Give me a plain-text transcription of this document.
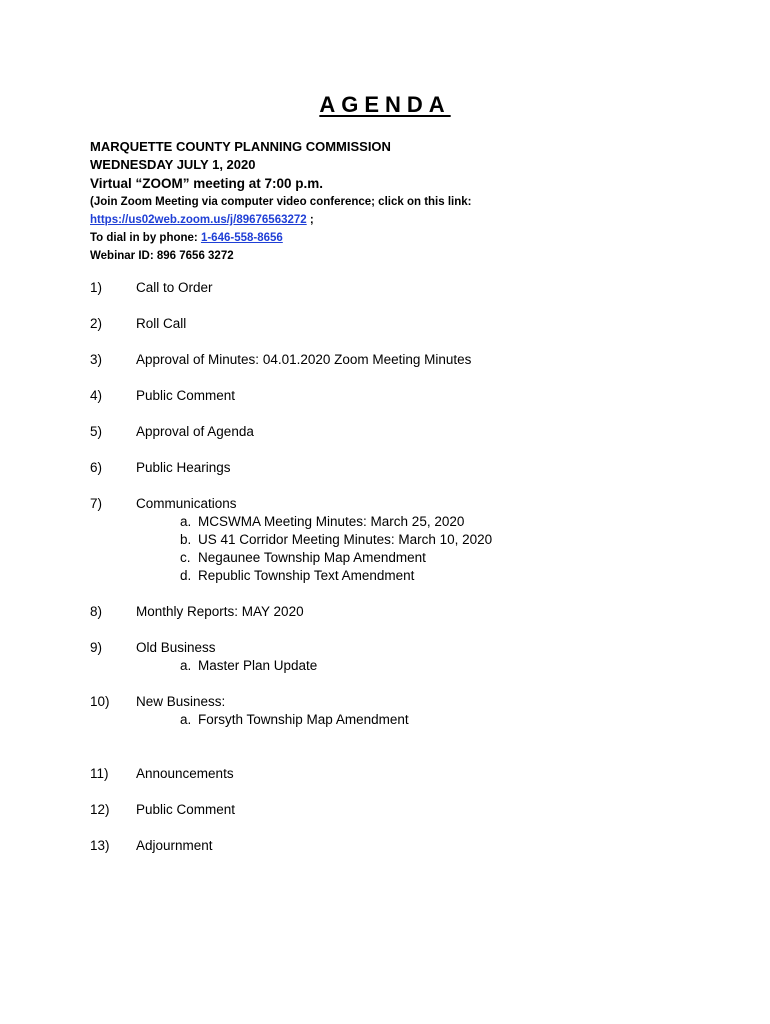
AGENDA
MARQUETTE COUNTY PLANNING COMMISSION
WEDNESDAY JULY 1, 2020
Virtual “ZOOM” meeting at 7:00 p.m.
(Join Zoom Meeting via computer video conference; click on this link:
https://us02web.zoom.us/j/89676563272 ;
To dial in by phone: 1-646-558-8656
Webinar ID: 896 7656 3272
1)	Call to Order
2)	Roll Call
3)	Approval of Minutes: 04.01.2020 Zoom Meeting Minutes
4)	Public Comment
5)	Approval of Agenda
6)	Public Hearings
7)	Communications
a. MCSWMA Meeting Minutes: March 25, 2020
b. US 41 Corridor Meeting Minutes: March 10, 2020
c. Negaunee Township Map Amendment
d. Republic Township Text Amendment
8)	Monthly Reports: MAY 2020
9)	Old Business
a. Master Plan Update
10)	New Business:
a. Forsyth Township Map Amendment
11)	Announcements
12)	Public Comment
13)	Adjournment
